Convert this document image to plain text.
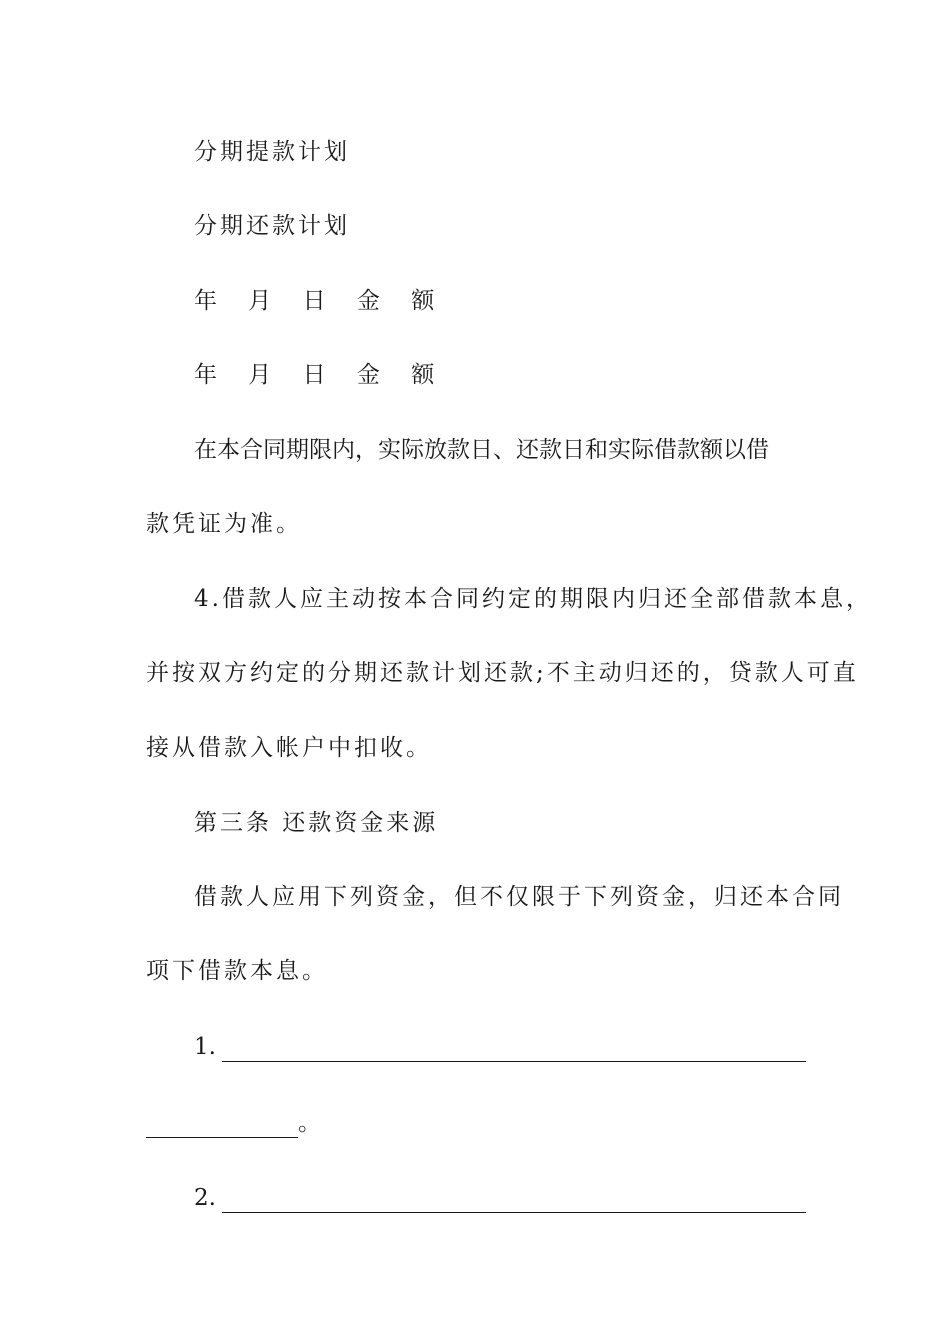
分期提款计划
分期还款计划
年 月 日 金 额
年 月 日 金 额
在本合同期限内，实际放款日、还款日和实际借款额以借
款凭证为准。
4.借款人应主动按本合同约定的期限内归还全部借款本息，
并按双方约定的分期还款计划还款;不主动归还的，贷款人可直
接从借款入帐户中扣收。
第三条 还款资金来源
借款人应用下列资金，但不仅限于下列资金，归还本合同
项下借款本息。
1.
。
2.
